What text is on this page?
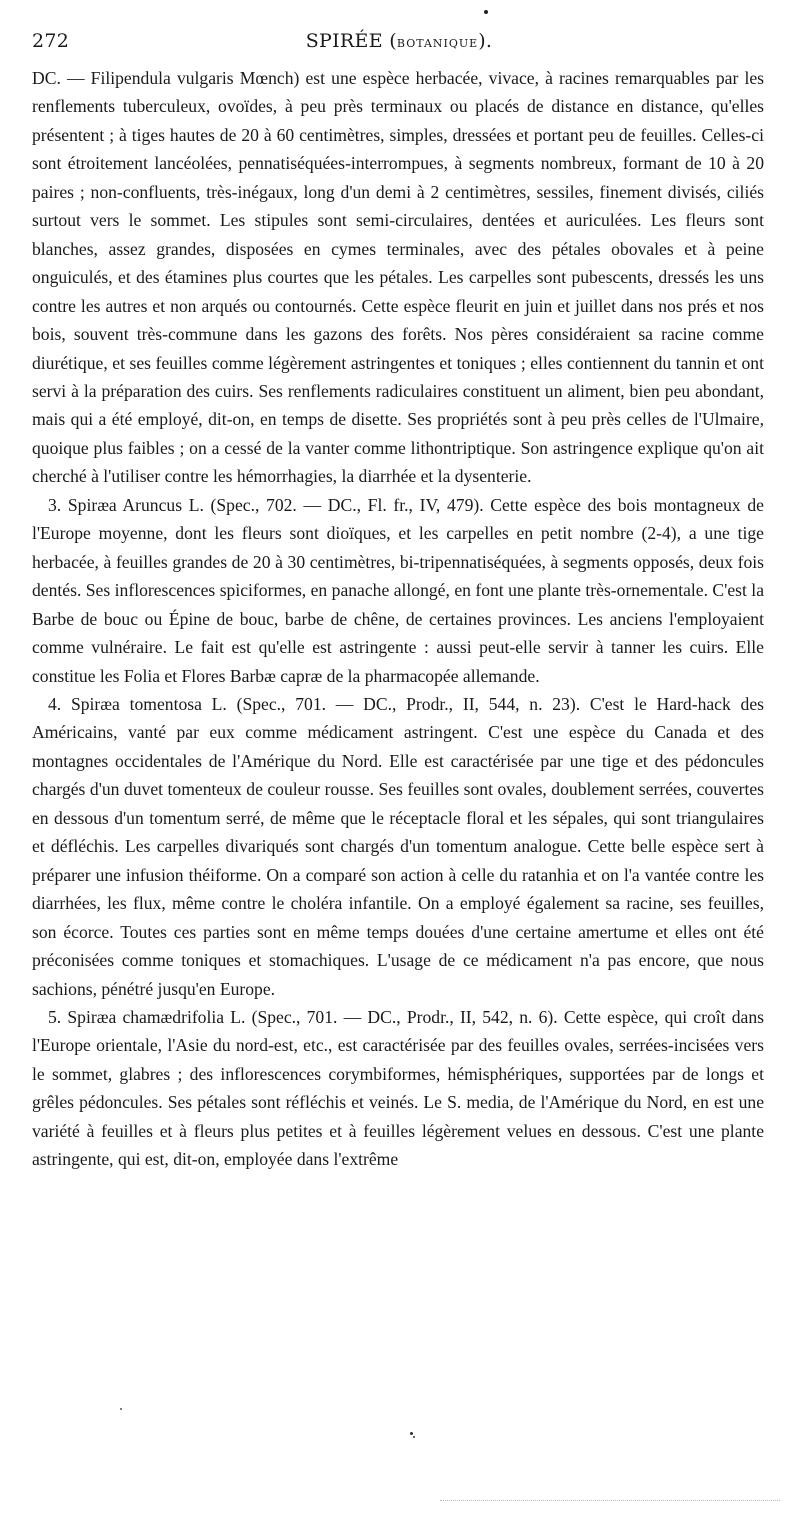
272	SPIRÉE (botanique).

DC. — Filipendula vulgaris Mœnch) est une espèce herbacée, vivace, à racines remarquables par les renflements tuberculeux, ovoïdes, à peu près terminaux ou placés de distance en distance, qu'elles présentent ; à tiges hautes de 20 à 60 centimètres, simples, dressées et portant peu de feuilles. Celles-ci sont étroitement lancéolées, pennatiséquées-interrompues, à segments nombreux, formant de 10 à 20 paires ; non-confluents, très-inégaux, long d'un demi à 2 centimètres, sessiles, finement divisés, ciliés surtout vers le sommet. Les stipules sont semi-circulaires, dentées et auriculées. Les fleurs sont blanches, assez grandes, disposées en cymes terminales, avec des pétales obovales et à peine onguiculés, et des étamines plus courtes que les pétales. Les carpelles sont pubescents, dressés les uns contre les autres et non arqués ou contournés. Cette espèce fleurit en juin et juillet dans nos prés et nos bois, souvent très-commune dans les gazons des forêts. Nos pères considéraient sa racine comme diurétique, et ses feuilles comme légèrement astringentes et toniques ; elles contiennent du tannin et ont servi à la préparation des cuirs. Ses renflements radiculaires constituent un aliment, bien peu abondant, mais qui a été employé, dit-on, en temps de disette. Ses propriétés sont à peu près celles de l'Ulmaire, quoique plus faibles ; on a cessé de la vanter comme lithontriptique. Son astringence explique qu'on ait cherché à l'utiliser contre les hémorrhagies, la diarrhée et la dysenterie.

3. Spiræa Aruncus L. (Spec., 702. — DC., Fl. fr., IV, 479). Cette espèce des bois montagneux de l'Europe moyenne, dont les fleurs sont dioïques, et les carpelles en petit nombre (2-4), a une tige herbacée, à feuilles grandes de 20 à 30 centimètres, bi-tripennatiséquées, à segments opposés, deux fois dentés. Ses inflorescences spiciformes, en panache allongé, en font une plante très-ornementale. C'est la Barbe de bouc ou Épine de bouc, barbe de chêne, de certaines provinces. Les anciens l'employaient comme vulnéraire. Le fait est qu'elle est astringente : aussi peut-elle servir à tanner les cuirs. Elle constitue les Folia et Flores Barbæ capræ de la pharmacopée allemande.

4. Spiræa tomentosa L. (Spec., 701. — DC., Prodr., II, 544, n. 23). C'est le Hard-hack des Américains, vanté par eux comme médicament astringent. C'est une espèce du Canada et des montagnes occidentales de l'Amérique du Nord. Elle est caractérisée par une tige et des pédoncules chargés d'un duvet tomenteux de couleur rousse. Ses feuilles sont ovales, doublement serrées, couvertes en dessous d'un tomentum serré, de même que le réceptacle floral et les sépales, qui sont triangulaires et défléchis. Les carpelles divariqués sont chargés d'un tomentum analogue. Cette belle espèce sert à préparer une infusion théiforme. On a comparé son action à celle du ratanhia et on l'a vantée contre les diarrhées, les flux, même contre le choléra infantile. On a employé également sa racine, ses feuilles, son écorce. Toutes ces parties sont en même temps douées d'une certaine amertume et elles ont été préconisées comme toniques et stomachiques. L'usage de ce médicament n'a pas encore, que nous sachions, pénétré jusqu'en Europe.

5. Spiræa chamædrifolia L. (Spec., 701. — DC., Prodr., II, 542, n. 6). Cette espèce, qui croît dans l'Europe orientale, l'Asie du nord-est, etc., est caractérisée par des feuilles ovales, serrées-incisées vers le sommet, glabres ; des inflorescences corymbiformes, hémisphériques, supportées par de longs et grêles pédoncules. Ses pétales sont réfléchis et veinés. Le S. media, de l'Amérique du Nord, en est une variété à feuilles et à fleurs plus petites et à feuilles légèrement velues en dessous. C'est une plante astringente, qui est, dit-on, employée dans l'extrême
